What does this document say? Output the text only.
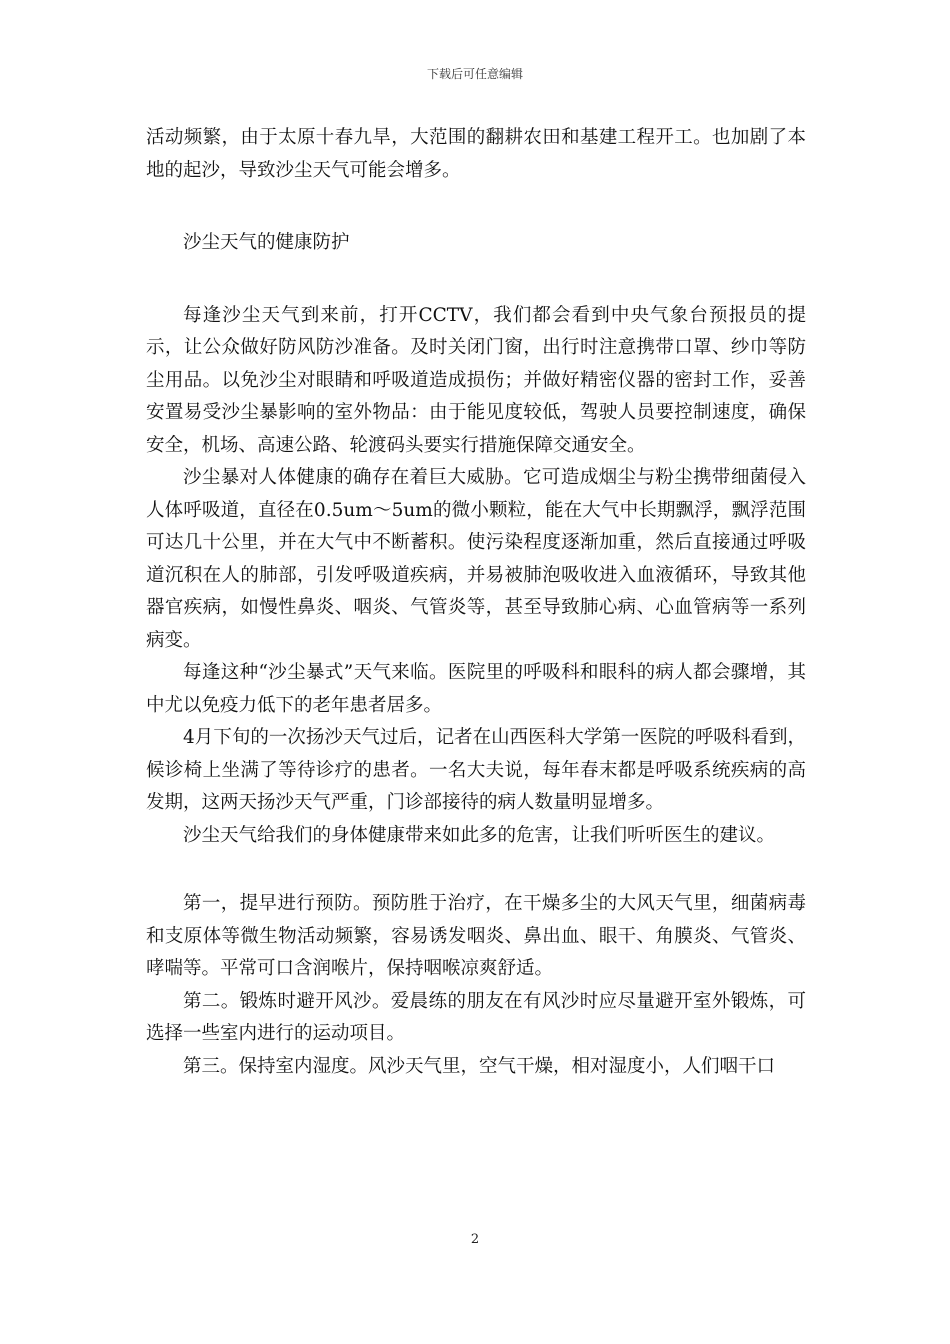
下载后可任意编辑

活动频繁，由于太原十春九旱，大范围的翻耕农田和基建工程开工。也加剧了本地的起沙，导致沙尘天气可能会增多。

沙尘天气的健康防护

每逢沙尘天气到来前，打开CCTV，我们都会看到中央气象台预报员的提示，让公众做好防风防沙准备。及时关闭门窗，出行时注意携带口罩、纱巾等防尘用品。以免沙尘对眼睛和呼吸道造成损伤；并做好精密仪器的密封工作，妥善安置易受沙尘暴影响的室外物品：由于能见度较低，驾驶人员要控制速度，确保安全，机场、高速公路、轮渡码头要实行措施保障交通安全。

沙尘暴对人体健康的确存在着巨大威胁。它可造成烟尘与粉尘携带细菌侵入人体呼吸道，直径在0.5um～5um的微小颗粒，能在大气中长期飘浮，飘浮范围可达几十公里，并在大气中不断蓄积。使污染程度逐渐加重，然后直接通过呼吸道沉积在人的肺部，引发呼吸道疾病，并易被肺泡吸收进入血液循环，导致其他器官疾病，如慢性鼻炎、咽炎、气管炎等，甚至导致肺心病、心血管病等一系列病变。

每逢这种“沙尘暴式”天气来临。医院里的呼吸科和眼科的病人都会骤增，其中尤以免疫力低下的老年患者居多。

4月下旬的一次扬沙天气过后，记者在山西医科大学第一医院的呼吸科看到，候诊椅上坐满了等待诊疗的患者。一名大夫说，每年春末都是呼吸系统疾病的高发期，这两天扬沙天气严重，门诊部接待的病人数量明显增多。

沙尘天气给我们的身体健康带来如此多的危害，让我们听听医生的建议。

第一，提早进行预防。预防胜于治疗，在干燥多尘的大风天气里，细菌病毒和支原体等微生物活动频繁，容易诱发咽炎、鼻出血、眼干、角膜炎、气管炎、哮喘等。平常可口含润喉片，保持咽喉凉爽舒适。

第二。锻炼时避开风沙。爱晨练的朋友在有风沙时应尽量避开室外锻炼，可选择一些室内进行的运动项目。

第三。保持室内湿度。风沙天气里，空气干燥，相对湿度小，人们咽干口

2
